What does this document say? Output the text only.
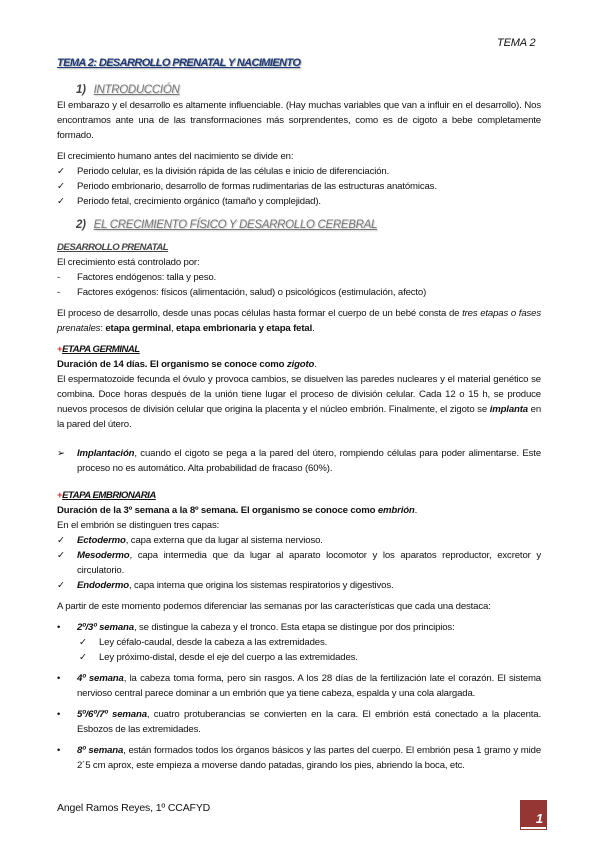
TEMA 2
TEMA 2: DESARROLLO PRENATAL Y NACIMIENTO
1) INTRODUCCIÓN

El embarazo y el desarrollo es altamente influenciable. (Hay muchas variables que van a influir en el desarrollo). Nos encontramos ante una de las transformaciones más sorprendentes, como es de cigoto a bebe completamente formado.

El crecimiento humano antes del nacimiento se divide en:

✓	Periodo celular, es la división rápida de las células e inicio de diferenciación.

✓	Periodo embrionario, desarrollo de formas rudimentarias de las estructuras anatómicas.

✓	Periodo fetal, crecimiento orgánico (tamaño y complejidad).

2) EL CRECIMIENTO FÍSICO Y DESARROLLO CEREBRAL
DESARROLLO PRENATAL

El crecimiento está controlado por:

-	Factores endógenos: talla y peso.

-	Factores exógenos: físicos (alimentación, salud) o psicológicos (estimulación, afecto)

El proceso de desarrollo, desde unas pocas células hasta formar el cuerpo de un bebé consta de tres etapas o fases prenatales: etapa germinal, etapa embrionaria y etapa fetal.

+ETAPA GERMINAL

Duración de 14 días. El organismo se conoce como zigoto.

El espermatozoide fecunda el óvulo y provoca cambios, se disuelven las paredes nucleares y el material genético se combina. Doce horas después de la unión tiene lugar el proceso de división celular. Cada 12 o 15 h, se produce nuevos procesos de división celular que origina la placenta y el núcleo embrión. Finalmente, el zigoto se implanta en la pared del útero.

➢	Implantación, cuando el cigoto se pega a la pared del útero, rompiendo células para poder alimentarse. Este proceso no es automático. Alta probabilidad de fracaso (60%).

+ETAPA EMBRIONARIA

Duración de la 3º semana a la 8º semana. El organismo se conoce como embrión.

En el embrión se distinguen tres capas:

✓	Ectodermo, capa externa que da lugar al sistema nervioso.

✓	Mesodermo, capa intermedia que da lugar al aparato locomotor y los aparatos reproductor, excretor y circulatorio.

✓	Endodermo, capa interna que origina los sistemas respiratorios y digestivos.

A partir de este momento podemos diferenciar las semanas por las características que cada una destaca:

•	2º/3º semana, se distingue la cabeza y el tronco. Esta etapa se distingue por dos principios:

✓	Ley céfalo-caudal, desde la cabeza a las extremidades.

✓	Ley próximo-distal, desde el eje del cuerpo a las extremidades.

•	4º semana, la cabeza toma forma, pero sin rasgos. A los 28 días de la fertilización late el corazón. El sistema nervioso central parece dominar a un embrión que ya tiene cabeza, espalda y una cola alargada.

•	5º/6º/7º semana, cuatro protuberancias se convierten en la cara. El embrión está conectado a la placenta. Esbozos de las extremidades.

•	8º semana, están formados todos los órganos básicos y las partes del cuerpo. El embrión pesa 1 gramo y mide 2´5 cm aprox, este empieza a moverse dando patadas, girando los pies, abriendo la boca, etc.

Angel Ramos Reyes, 1º CCAFYD
1
